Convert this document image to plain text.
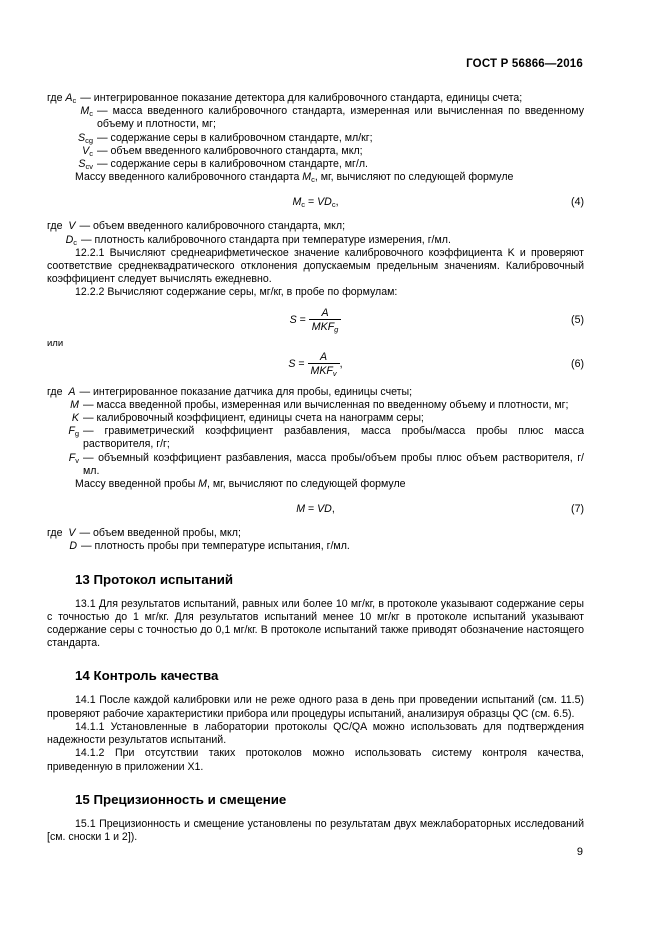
ГОСТ Р 56866—2016
где $A_c$ — интегрированное показание детектора для калибровочного стандарта, единицы счета;
$M_c$ — масса введенного калибровочного стандарта, измеренная или вычисленная по введенному объему и плотности, мг;
$S_{cg}$ — содержание серы в калибровочном стандарте, мл/кг;
$V_c$ — объем введенного калибровочного стандарта, мкл;
$S_{cv}$ — содержание серы в калибровочном стандарте, мг/л.

Массу введенного калибровочного стандарта $M_c$, мг, вычисляют по следующей формуле

$M_c = VD_c$,	(4)
где V — объем введенного калибровочного стандарта, мкл;
$D_c$ — плотность калибровочного стандарта при температуре измерения, г/мл.

12.2.1 Вычисляют среднеарифметическое значение калибровочного коэффициента K и проверяют соответствие среднеквадратического отклонения допускаемым предельным значениям. Калибровочный коэффициент следует вычислять ежедневно.

12.2.2 Вычисляют содержание серы, мг/кг, в пробе по формулам:

$S = \frac{A}{MKF_g}$	(5)
или
$S = \frac{A}{MKF_v}$ ,	(6)
где A — интегрированное показание датчика для пробы, единицы счеты;
M — масса введенной пробы, измеренная или вычисленная по введенному объему и плотности, мг;
K — калибровочный коэффициент, единицы счета на нанограмм серы;
$F_g$ — гравиметрический коэффициент разбавления, масса пробы/масса пробы плюс масса растворителя, г/г;
$F_v$ — объемный коэффициент разбавления, масса пробы/объем пробы плюс объем растворителя, г/мл.

Массу введенной пробы M, мг, вычисляют по следующей формуле

M = VD,	(7)
где V — объем введенной пробы, мкл;
D — плотность пробы при температуре испытания, г/мл.
13 Протокол испытаний

13.1 Для результатов испытаний, равных или более 10 мг/кг, в протоколе указывают содержание серы с точностью до 1 мг/кг. Для результатов испытаний менее 10 мг/кг в протоколе испытаний указывают содержание серы с точностью до 0,1 мг/кг. В протоколе испытаний также приводят обозначение настоящего стандарта.

14 Контроль качества

14.1 После каждой калибровки или не реже одного раза в день при проведении испытаний (см. 11.5) проверяют рабочие характеристики прибора или процедуры испытаний, анализируя образцы QC (см. 6.5).

14.1.1 Установленные в лаборатории протоколы QC/QA можно использовать для подтверждения надежности результатов испытаний.

14.1.2 При отсутствии таких протоколов можно использовать систему контроля качества, приведенную в приложении Х1.

15 Прецизионность и смещение

15.1 Прецизионность и смещение установлены по результатам двух межлабораторных исследований [см. сноски 1 и 2]).

9
